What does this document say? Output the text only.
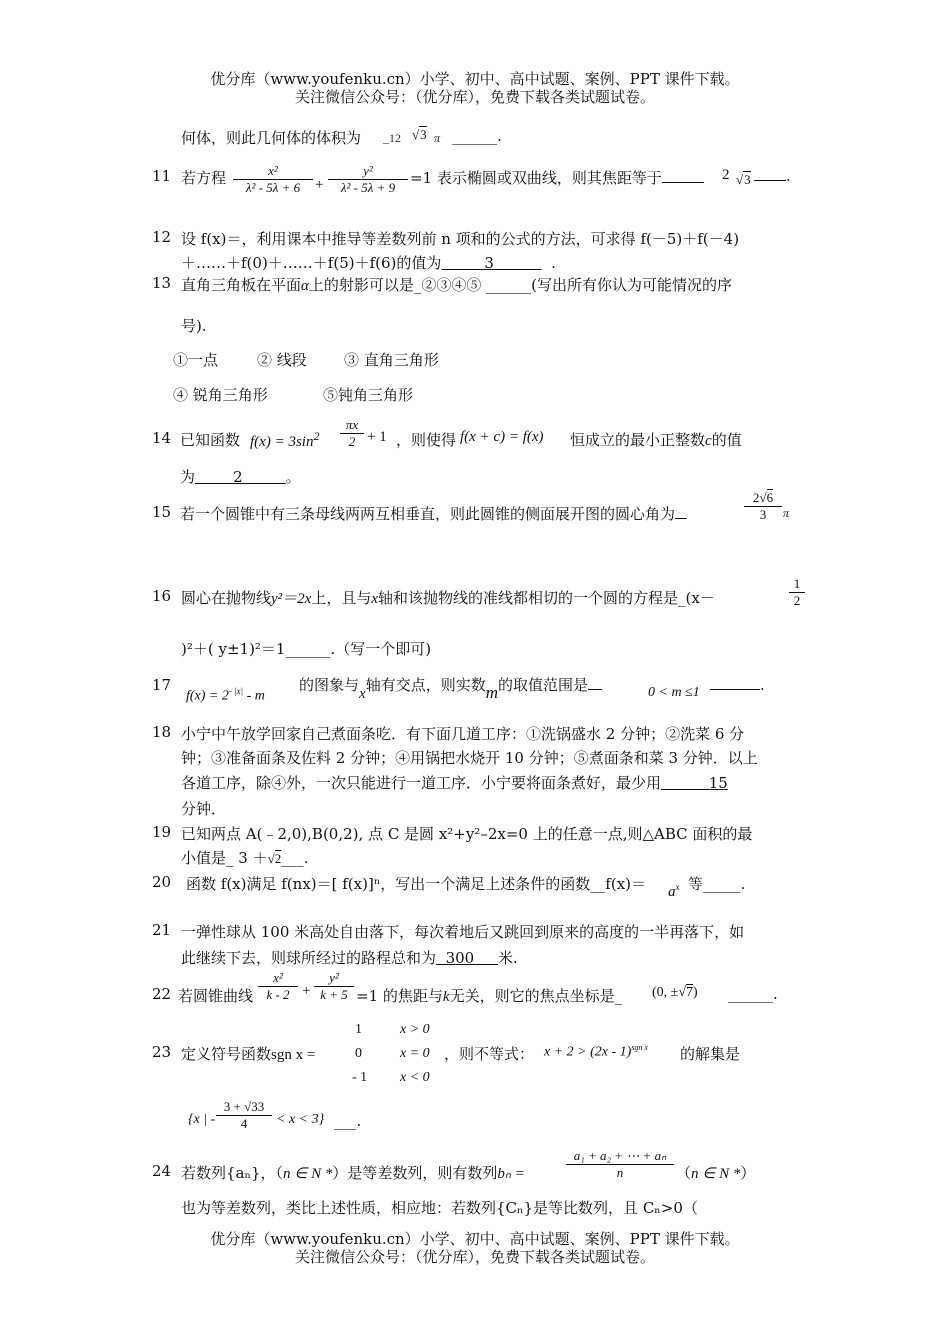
优分库（www.youfenku.cn）小学、初中、高中试题、案例、PPT 课件下载。
关注微信公众号：（优分库），免费下载各类试题试卷。
何体，则此几何体的体积为 _12 √3 π ______.
11 若方程	x²
λ² - 5λ + 6 +
y²
λ² - 5λ + 9
=1 表示椭圆或双曲线，则其焦距等于	2 √3	.
12 设 f(x)＝，利用课本中推导等差数列前 n 项和的公式的方法，可求得 f(－5)＋f(－4)
＋……＋f(0)＋……＋f(5)＋f(6)的值为	3	.
13 直角三角板在平面α上的射影可以是_②③④⑤ ______(写出所有你认为可能情况的序
号).
①一点	② 线段 ③ 直角三角形
④ 锐角三角形	⑤钝角三角形
14 已知函数 $f(x) = 3\sin^2$
πx
2 + 1 ，则使得 f(x + c) = f(x) 恒成立的最小正整数c的值
为	2	。
15 若一个圆锥中有三条母线两两互相垂直，则此圆锥的侧面展开图的圆心角为
2√6
3	π
16 圆心在抛物线y²＝2x上，且与x轴和该抛物线的准线都相切的一个圆的方程是_(x－
1
2
)²＋( y±1)²＝1______.（写一个即可)
17
$f(x) = 2^{- |x|} - m$
的图象与x轴有交点，则实数m的取值范围是	0 < m ≤1	.
18 小宁中午放学回家自己煮面条吃．有下面几道工序：①洗锅盛水 2 分钟；②洗菜 6 分
钟；③准备面条及佐料 2 分钟；④用锅把水烧开 10 分钟；⑤煮面条和菜 3 分钟．以上
各道工序，除④外，一次只能进行一道工序．小宁要将面条煮好，最少用	15
分钟．
19 已知两点 A(﹣2,0),B(0,2), 点 C 是圆 x²+y²–2x=0 上的任意一点,则△ABC 面积的最
小值是_ 3 ＋√2___.
20 函数 f(x)满足 f(nx)＝[ f(x)]ⁿ，写出一个满足上述条件的函数__f(x)＝ $a^x$ 等_____.
21 一弹性球从 100 米高处自由落下，每次着地后又跳回到原来的高度的一半再落下，如
此继续下去，则球所经过的路程总和为 300 米.
22 若圆锥曲线
x²
k - 2 +
y²
k + 5 =1 的焦距与k无关，则它的焦点坐标是_ (0, ±√7) ______.
23 定义符号函数sgn x =
1	x > 0
0	x = 0
- 1 x < 0
，则不等式： x + 2 > (2x - 1)$^{sgn x}$ 的解集是
{x | -
3 + √33
4	< x < 3} ___.
24 若数列{aₙ}，（n ∈ N *）是等差数列，则有数列bₙ =
a₁ + a₂ + ⋯ + aₙ
n	（n ∈ N *）
也为等差数列，类比上述性质，相应地：若数列{Cₙ}是等比数列，且 Cₙ>0（
优分库（www.youfenku.cn）小学、初中、高中试题、案例、PPT 课件下载。
关注微信公众号：（优分库），免费下载各类试题试卷。
